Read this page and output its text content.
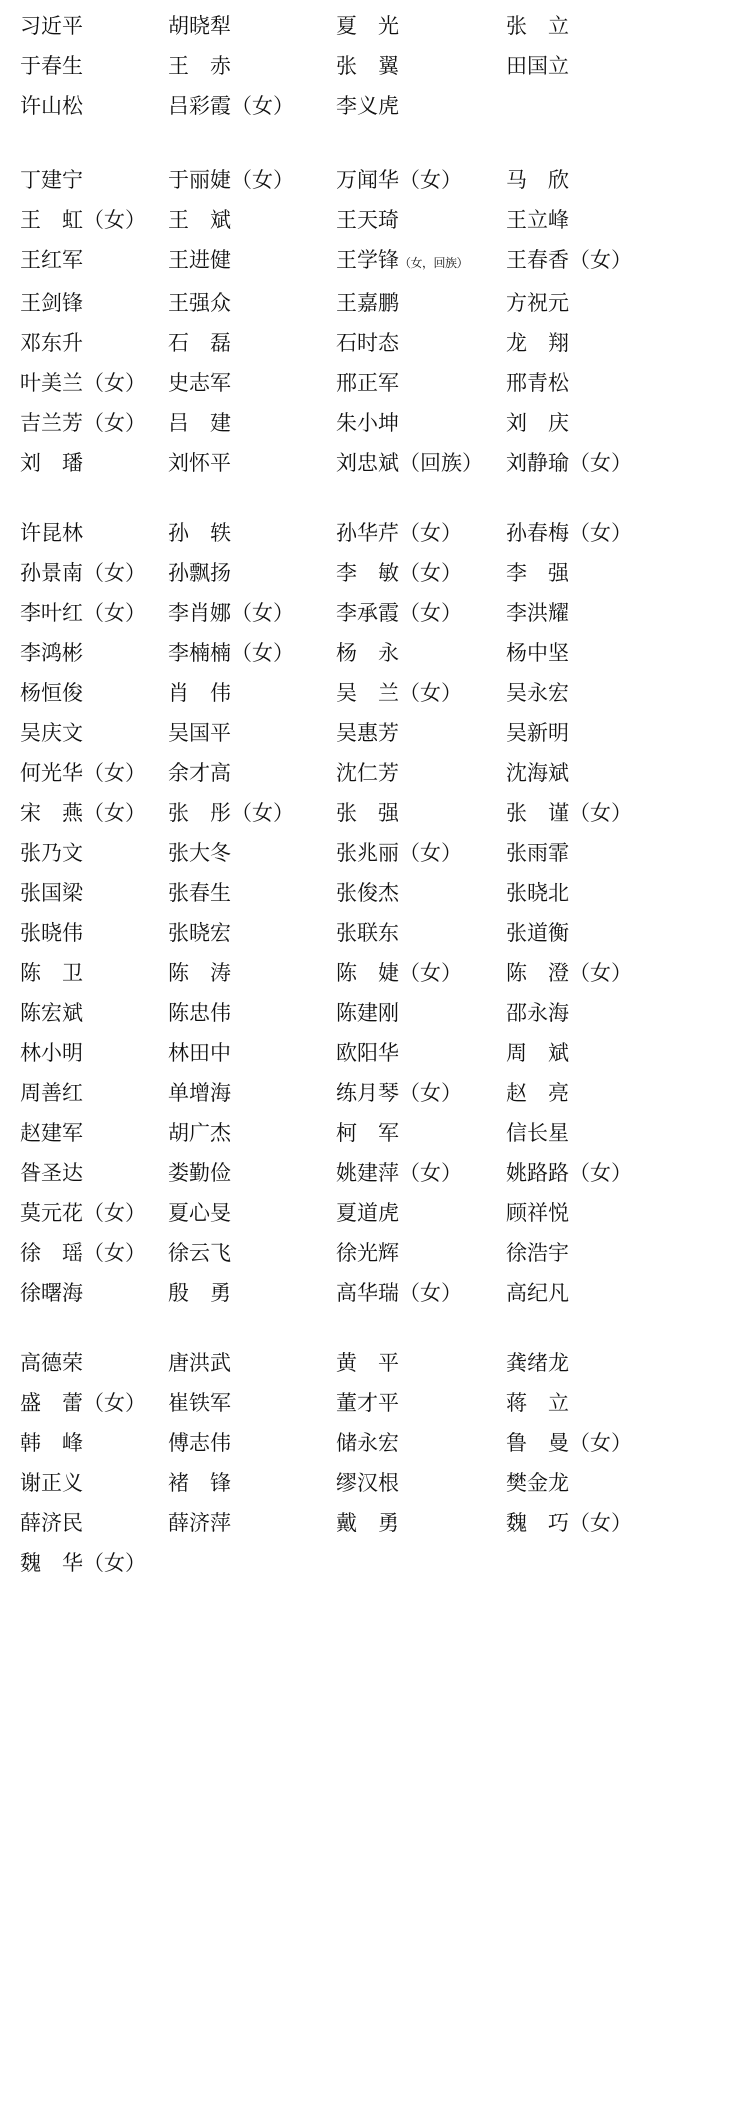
习近平	胡晓犁	夏　光	张　立
于春生	王　赤	张　翼	田国立
许山松	吕彩霞（女）	李义虎
丁建宁	于丽婕（女）	万闻华（女）	马　欣
王　虹（女）	王　斌	王天琦	王立峰
王红军	王进健	王学锋（女，回族）	王春香（女）
王剑锋	王强众	王嘉鹏	方祝元
邓东升	石　磊	石时态	龙　翔
叶美兰（女）	史志军	邢正军	邢青松
吉兰芳（女）	吕　建	朱小坤	刘　庆
刘　璠	刘怀平	刘忠斌（回族）	刘静瑜（女）
许昆林	孙　轶	孙华芹（女）	孙春梅（女）
孙景南（女）	孙飘扬	李　敏（女）	李　强
李叶红（女）	李肖娜（女）	李承霞（女）	李洪耀
李鸿彬	李楠楠（女）	杨　永	杨中坚
杨恒俊	肖　伟	吴　兰（女）	吴永宏
吴庆文	吴国平	吴惠芳	吴新明
何光华（女）	余才高	沈仁芳	沈海斌
宋　燕（女）	张　彤（女）	张　强	张　谨（女）
张乃文	张大冬	张兆丽（女）	张雨霏
张国梁	张春生	张俊杰	张晓北
张晓伟	张晓宏	张联东	张道衡
陈　卫	陈　涛	陈　婕（女）	陈　澄（女）
陈宏斌	陈忠伟	陈建刚	邵永海
林小明	林田中	欧阳华	周　斌
周善红	单增海	练月琴（女）	赵　亮
赵建军	胡广杰	柯　军	信长星
昝圣达	娄勤俭	姚建萍（女）	姚路路（女）
莫元花（女）	夏心旻	夏道虎	顾祥悦
徐　瑶（女）	徐云飞	徐光辉	徐浩宇
徐曙海	殷　勇	高华瑞（女）	高纪凡
高德荣	唐洪武	黄　平	龚绪龙
盛　蕾（女）	崔铁军	董才平	蒋　立
韩　峰	傅志伟	储永宏	鲁　曼（女）
谢正义	褚　锋	缪汉根	樊金龙
薛济民	薛济萍	戴　勇	魏　巧（女）
魏　华（女）
